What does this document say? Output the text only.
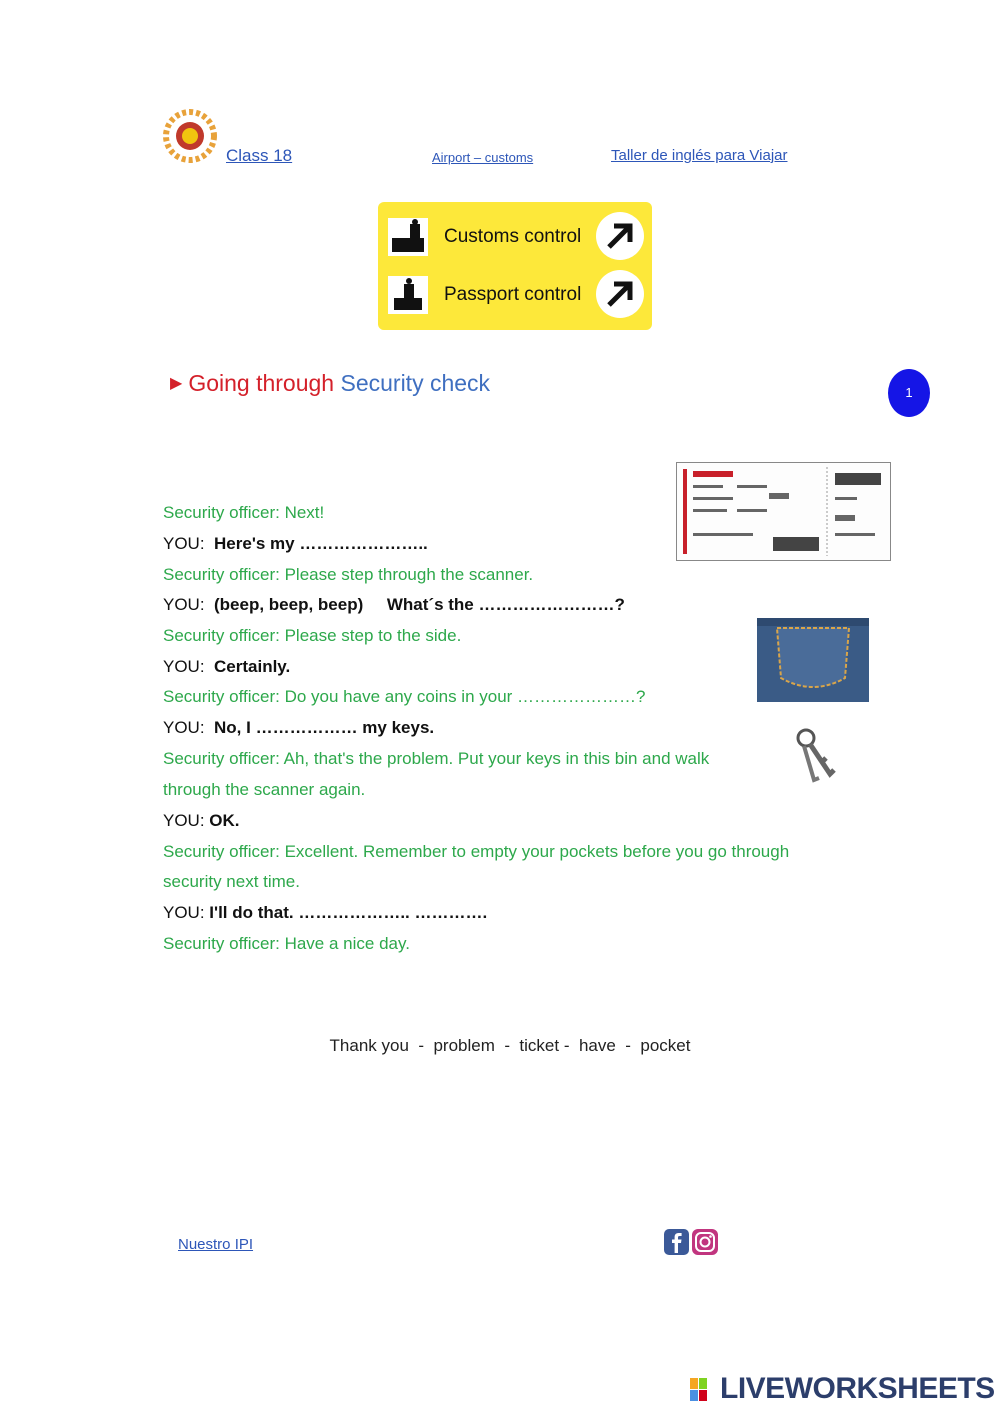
Class 18	Airport – customs	Taller de inglés para Viajar
Customs control
Passport control
▶ Going through Security check	1
Security officer: Next!
YOU: Here's my …………………..
Security officer: Please step through the scanner.
YOU: (beep, beep, beep)     What´s the ……………………?
Security officer: Please step to the side.
YOU: Certainly.
Security officer: Do you have any coins in your …………………?
YOU: No, I ……………… my keys.
Security officer: Ah, that's the problem. Put your keys in this bin and walk
through the scanner again.
YOU: OK.
Security officer: Excellent. Remember to empty your pockets before you go through
security next time.
YOU: I'll do that. ……………….. ………….
Security officer: Have a nice day.
Thank you  -  problem  -  ticket -  have  -  pocket
Nuestro IPI
LIVEWORKSHEETS
